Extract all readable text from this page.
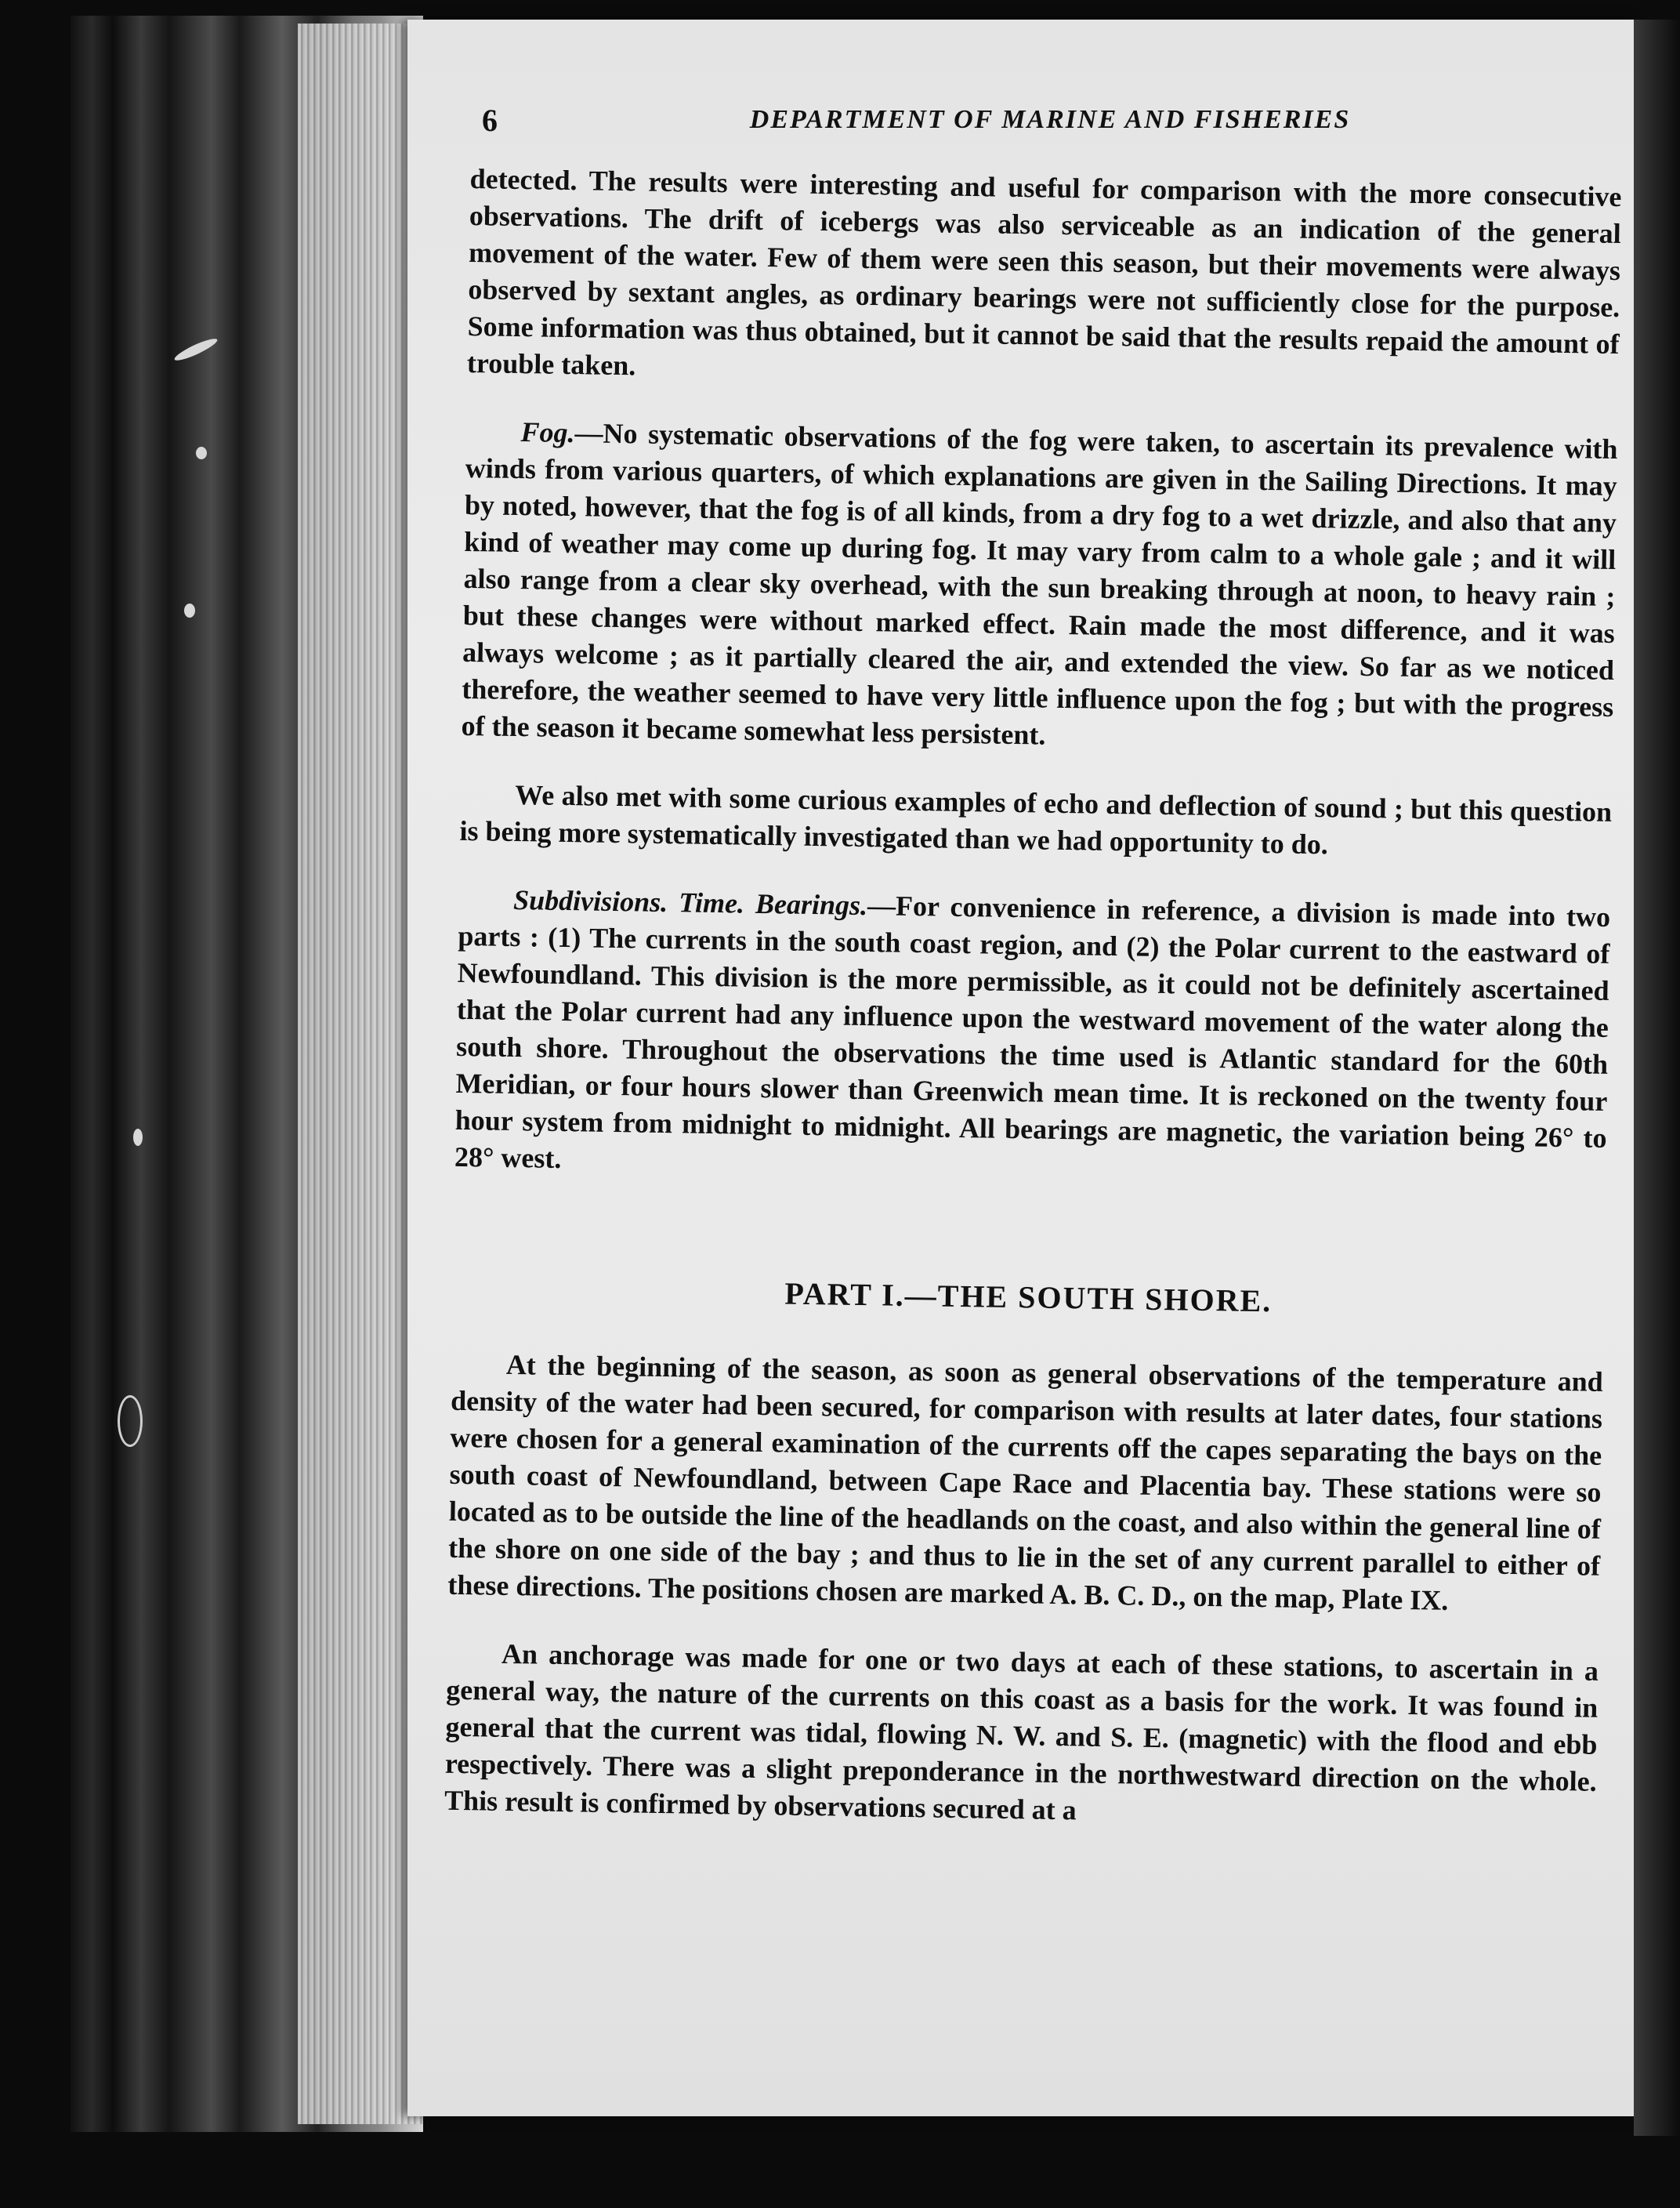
6	DEPARTMENT OF MARINE AND FISHERIES

detected. The results were interesting and useful for comparison with the more consecutive observations. The drift of icebergs was also serviceable as an indication of the general movement of the water. Few of them were seen this season, but their movements were always observed by sextant angles, as ordinary bearings were not sufficiently close for the purpose. Some information was thus obtained, but it cannot be said that the results repaid the amount of trouble taken.

Fog.—No systematic observations of the fog were taken, to ascertain its prevalence with winds from various quarters, of which explanations are given in the Sailing Directions. It may by noted, however, that the fog is of all kinds, from a dry fog to a wet drizzle, and also that any kind of weather may come up during fog. It may vary from calm to a whole gale ; and it will also range from a clear sky overhead, with the sun breaking through at noon, to heavy rain ; but these changes were without marked effect. Rain made the most difference, and it was always welcome ; as it partially cleared the air, and extended the view. So far as we noticed therefore, the weather seemed to have very little influence upon the fog ; but with the progress of the season it became somewhat less persistent.

We also met with some curious examples of echo and deflection of sound ; but this question is being more systematically investigated than we had opportunity to do.

Subdivisions. Time. Bearings.—For convenience in reference, a division is made into two parts : (1) The currents in the south coast region, and (2) the Polar current to the eastward of Newfoundland. This division is the more permissible, as it could not be definitely ascertained that the Polar current had any influence upon the westward movement of the water along the south shore. Throughout the observations the time used is Atlantic standard for the 60th Meridian, or four hours slower than Greenwich mean time. It is reckoned on the twenty four hour system from midnight to midnight. All bearings are magnetic, the variation being 26° to 28° west.

PART I.—THE SOUTH SHORE.

At the beginning of the season, as soon as general observations of the temperature and density of the water had been secured, for comparison with results at later dates, four stations were chosen for a general examination of the currents off the capes separating the bays on the south coast of Newfoundland, between Cape Race and Placentia bay. These stations were so located as to be outside the line of the headlands on the coast, and also within the general line of the shore on one side of the bay ; and thus to lie in the set of any current parallel to either of these directions. The positions chosen are marked A. B. C. D., on the map, Plate IX.

An anchorage was made for one or two days at each of these stations, to ascertain in a general way, the nature of the currents on this coast as a basis for the work. It was found in general that the current was tidal, flowing N. W. and S. E. (magnetic) with the flood and ebb respectively. There was a slight preponderance in the northwestward direction on the whole. This result is confirmed by observations secured at a
